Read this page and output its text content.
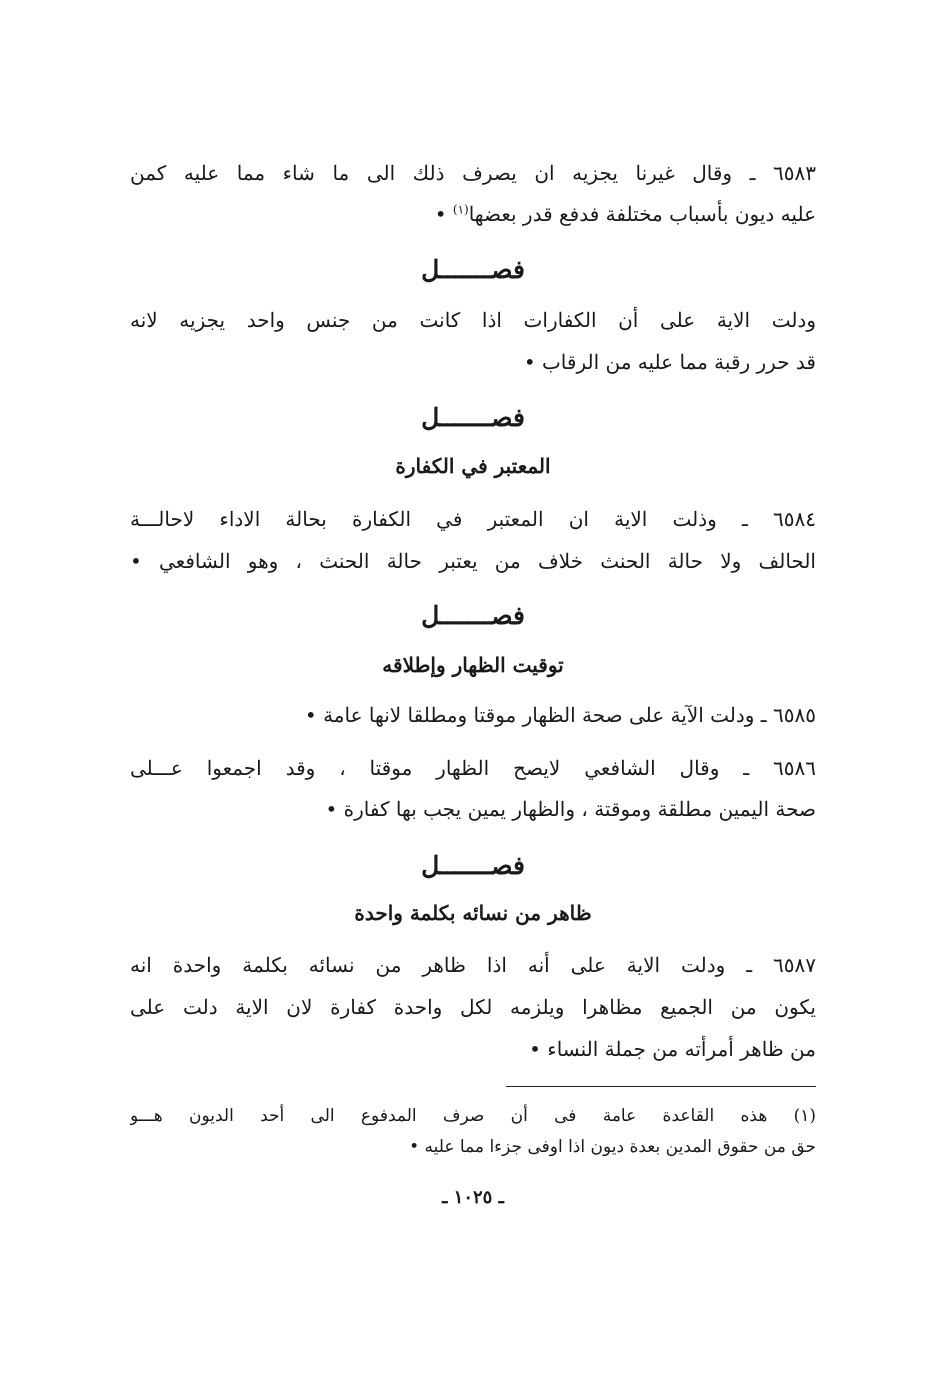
٦٥٨٣ ـ وقال غيرنا يجزيه ان يصرف ذلك الى ما شاء مما عليه كمن
عليه ديون بأسباب مختلفة فدفع قدر بعضها$^{(١)}$ •
فصـــــــل
ودلت الاية على أن الكفارات اذا كانت من جنس واحد يجزيه لانه
قد حرر رقبة مما عليه من الرقاب •
فصـــــــل
المعتبر في الكفارة
٦٥٨٤ ـ وذلت الاية ان المعتبر في الكفارة بحالة الاداء لاحالـــة
الحالف ولا حالة الحنث خلاف من يعتبر حالة الحنث ، وهو الشافعي •
فصـــــــل
توقيت الظهار وإطلاقه
٦٥٨٥ ـ ودلت الآية على صحة الظهار موقتا ومطلقا لانها عامة •
٦٥٨٦ ـ وقال الشافعي لايصح الظهار موقتا ، وقد اجمعوا عـــلى
صحة اليمين مطلقة وموقتة ، والظهار يمين يجب بها كفارة •
فصـــــــل
ظاهر من نسائه بكلمة واحدة
٦٥٨٧ ـ ودلت الاية على أنه اذا ظاهر من نسائه بكلمة واحدة انه
يكون من الجميع مظاهرا ويلزمه لكل واحدة كفارة لان الاية دلت على
من ظاهر أمرأته من جملة النساء •
(١) هذه القاعدة عامة فى أن صرف المدفوع الى أحد الديون هـــو
حق من حقوق المدين بعدة ديون اذا اوفى جزءا مما عليه •
ـ ١٠٢٥ ـ
